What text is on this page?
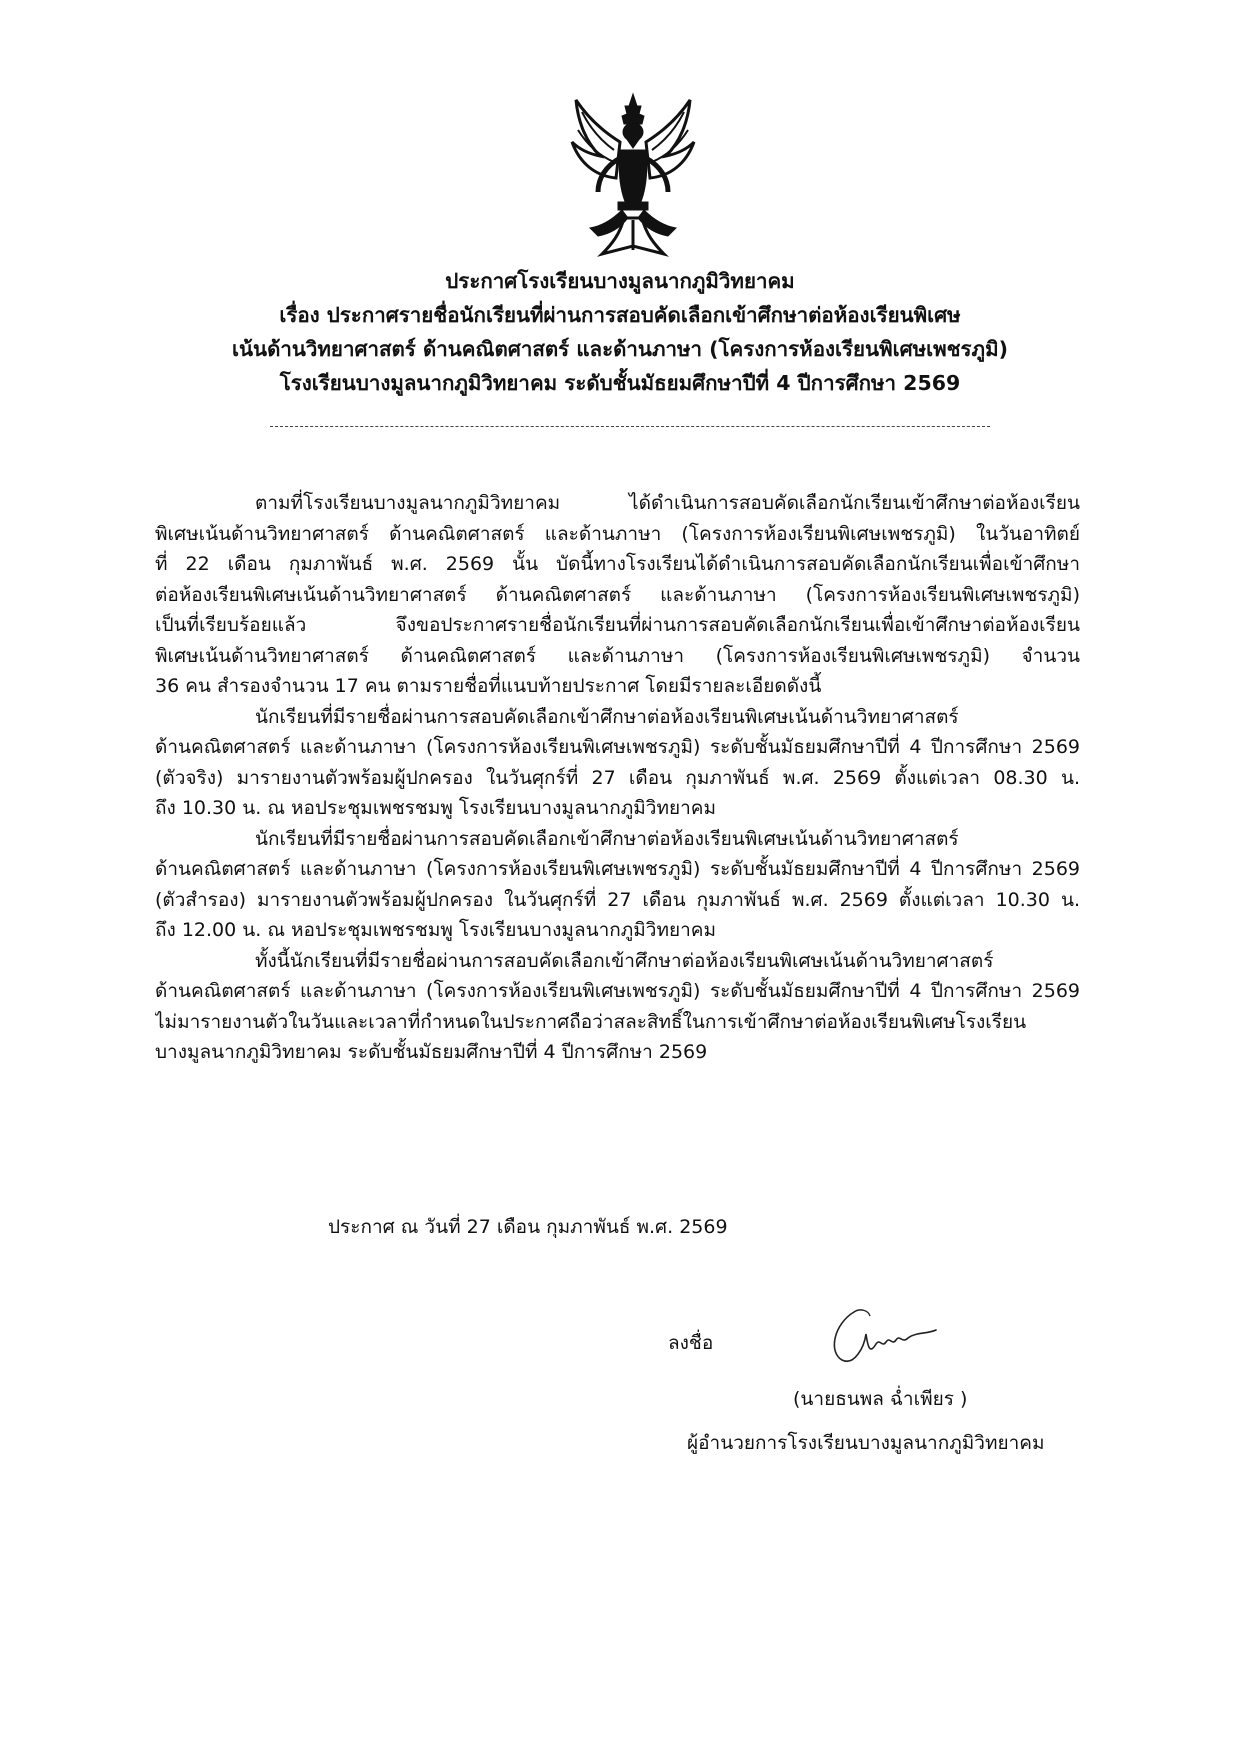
ประกาศโรงเรียนบางมูลนากภูมิวิทยาคม
เรื่อง ประกาศรายชื่อนักเรียนที่ผ่านการสอบคัดเลือกเข้าศึกษาต่อห้องเรียนพิเศษ
เน้นด้านวิทยาศาสตร์ ด้านคณิตศาสตร์ และด้านภาษา (โครงการห้องเรียนพิเศษเพชรภูมิ)
โรงเรียนบางมูลนากภูมิวิทยาคม ระดับชั้นมัธยมศึกษาปีที่ 4 ปีการศึกษา 2569

ตามที่โรงเรียนบางมูลนากภูมิวิทยาคม ได้ดำเนินการสอบคัดเลือกนักเรียนเข้าศึกษาต่อห้องเรียน
พิเศษเน้นด้านวิทยาศาสตร์ ด้านคณิตศาสตร์ และด้านภาษา (โครงการห้องเรียนพิเศษเพชรภูมิ) ในวันอาทิตย์
ที่ 22 เดือน กุมภาพันธ์ พ.ศ. 2569 นั้น บัดนี้ทางโรงเรียนได้ดำเนินการสอบคัดเลือกนักเรียนเพื่อเข้าศึกษา
ต่อห้องเรียนพิเศษเน้นด้านวิทยาศาสตร์ ด้านคณิตศาสตร์ และด้านภาษา (โครงการห้องเรียนพิเศษเพชรภูมิ)
เป็นที่เรียบร้อยแล้ว จึงขอประกาศรายชื่อนักเรียนที่ผ่านการสอบคัดเลือกนักเรียนเพื่อเข้าศึกษาต่อห้องเรียน
พิเศษเน้นด้านวิทยาศาสตร์ ด้านคณิตศาสตร์ และด้านภาษา (โครงการห้องเรียนพิเศษเพชรภูมิ) จำนวน
36 คน สำรองจำนวน 17 คน ตามรายชื่อที่แนบท้ายประกาศ โดยมีรายละเอียดดังนี้

นักเรียนที่มีรายชื่อผ่านการสอบคัดเลือกเข้าศึกษาต่อห้องเรียนพิเศษเน้นด้านวิทยาศาสตร์
ด้านคณิตศาสตร์ และด้านภาษา (โครงการห้องเรียนพิเศษเพชรภูมิ) ระดับชั้นมัธยมศึกษาปีที่ 4 ปีการศึกษา 2569
(ตัวจริง) มารายงานตัวพร้อมผู้ปกครอง ในวันศุกร์ที่ 27 เดือน กุมภาพันธ์ พ.ศ. 2569 ตั้งแต่เวลา 08.30 น.
ถึง 10.30 น. ณ หอประชุมเพชรชมพู โรงเรียนบางมูลนากภูมิวิทยาคม

นักเรียนที่มีรายชื่อผ่านการสอบคัดเลือกเข้าศึกษาต่อห้องเรียนพิเศษเน้นด้านวิทยาศาสตร์
ด้านคณิตศาสตร์ และด้านภาษา (โครงการห้องเรียนพิเศษเพชรภูมิ) ระดับชั้นมัธยมศึกษาปีที่ 4 ปีการศึกษา 2569
(ตัวสำรอง) มารายงานตัวพร้อมผู้ปกครอง ในวันศุกร์ที่ 27 เดือน กุมภาพันธ์ พ.ศ. 2569 ตั้งแต่เวลา 10.30 น.
ถึง 12.00 น. ณ หอประชุมเพชรชมพู โรงเรียนบางมูลนากภูมิวิทยาคม

ทั้งนี้นักเรียนที่มีรายชื่อผ่านการสอบคัดเลือกเข้าศึกษาต่อห้องเรียนพิเศษเน้นด้านวิทยาศาสตร์
ด้านคณิตศาสตร์ และด้านภาษา (โครงการห้องเรียนพิเศษเพชรภูมิ) ระดับชั้นมัธยมศึกษาปีที่ 4 ปีการศึกษา 2569
ไม่มารายงานตัวในวันและเวลาที่กำหนดในประกาศถือว่าสละสิทธิ์ในการเข้าศึกษาต่อห้องเรียนพิเศษโรงเรียน
บางมูลนากภูมิวิทยาคม ระดับชั้นมัธยมศึกษาปีที่ 4 ปีการศึกษา 2569

ประกาศ ณ วันที่ 27 เดือน กุมภาพันธ์ พ.ศ. 2569
ลงชื่อ
(นายธนพล ฉ่ำเพียร )
ผู้อำนวยการโรงเรียนบางมูลนากภูมิวิทยาคม
